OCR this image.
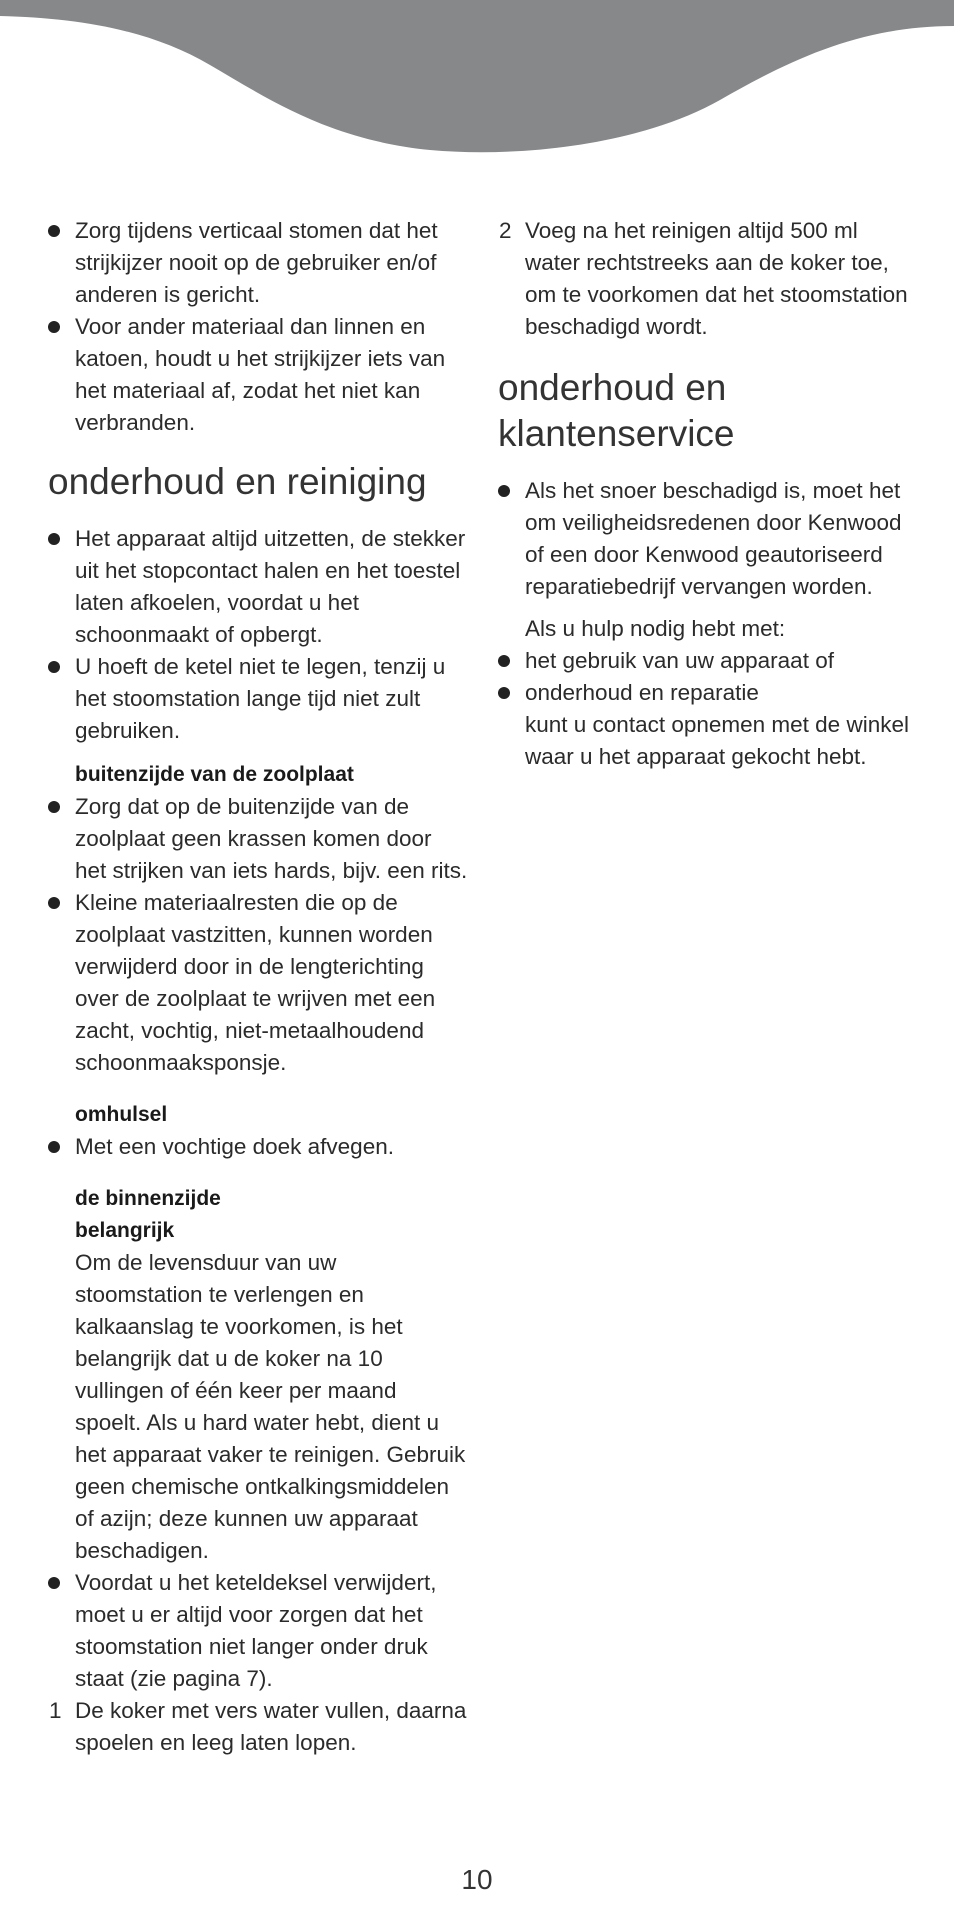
Zorg tijdens verticaal stomen dat het strijkijzer nooit op de gebruiker en/of anderen is gericht.
Voor ander materiaal dan linnen en katoen, houdt u het strijkijzer iets van het materiaal af, zodat het niet kan verbranden.
onderhoud en reiniging
Het apparaat altijd uitzetten, de stekker uit het stopcontact halen en het toestel laten afkoelen, voordat u het schoonmaakt of opbergt.
U hoeft de ketel niet te legen, tenzij u het stoomstation lange tijd niet zult gebruiken.
buitenzijde van de zoolplaat
Zorg dat op de buitenzijde van de zoolplaat geen krassen komen door het strijken van iets hards, bijv. een rits.
Kleine materiaalresten die op de zoolplaat vastzitten, kunnen worden verwijderd door in de lengterichting over de zoolplaat te wrijven met een zacht, vochtig, niet-metaalhoudend schoonmaaksponsje.
omhulsel
Met een vochtige doek afvegen.
de binnenzijde
belangrijk

Om de levensduur van uw stoomstation te verlengen en kalkaanslag te voorkomen, is het belangrijk dat u de koker na 10 vullingen of één keer per maand spoelt. Als u hard water hebt, dient u het apparaat vaker te reinigen. Gebruik geen chemische ontkalkingsmiddelen of azijn; deze kunnen uw apparaat beschadigen.

Voordat u het keteldeksel verwijdert, moet u er altijd voor zorgen dat het stoomstation niet langer onder druk staat (zie pagina 7).
1 De koker met vers water vullen, daarna spoelen en leeg laten lopen.
2 Voeg na het reinigen altijd 500 ml water rechtstreeks aan de koker toe, om te voorkomen dat het stoomstation beschadigd wordt.
onderhoud en
klantenservice
Als het snoer beschadigd is, moet het om veiligheidsredenen door Kenwood of een door Kenwood geautoriseerd reparatiebedrijf vervangen worden.

Als u hulp nodig hebt met:

het gebruik van uw apparaat of
onderhoud en reparatie

kunt u contact opnemen met de winkel waar u het apparaat gekocht hebt.

10
